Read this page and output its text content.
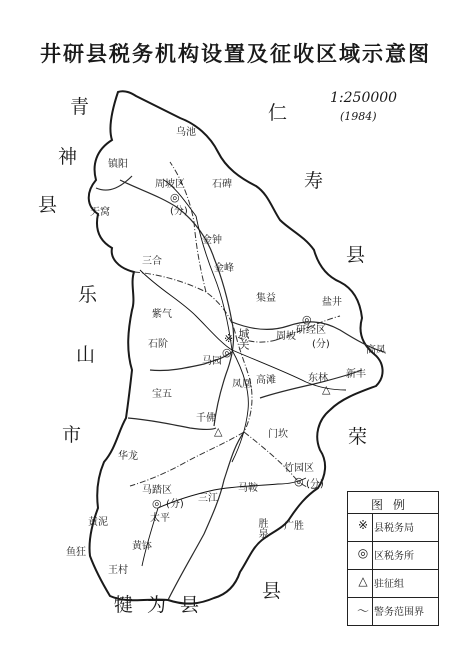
井研县税务机构设置及征收区域示意图
1:250000
(1984)
青
神
县
乐
山
市
仁
寿
县
荣
县
犍为县
乌池
镇阳
周坡区
◎
(分)
石碑
天窝
金钟
金峰
三合
集益
紫气
石阶	※
◎
城关
马园
宝五
凤凰 高滩
周坡
◎
研经区
(分)
盐井
高凤
东林
△
新丰
千佛
△	门坎
华龙
竹园区
◎ (分)
马踏区
◎ (分)
马鞍
三江
太平
广胜
胜泉
黄泥
黄钵
鱼狂
王村
图例
※ 县税务局
◎ 区税务所
△ 驻征组
〜 警务范围界
